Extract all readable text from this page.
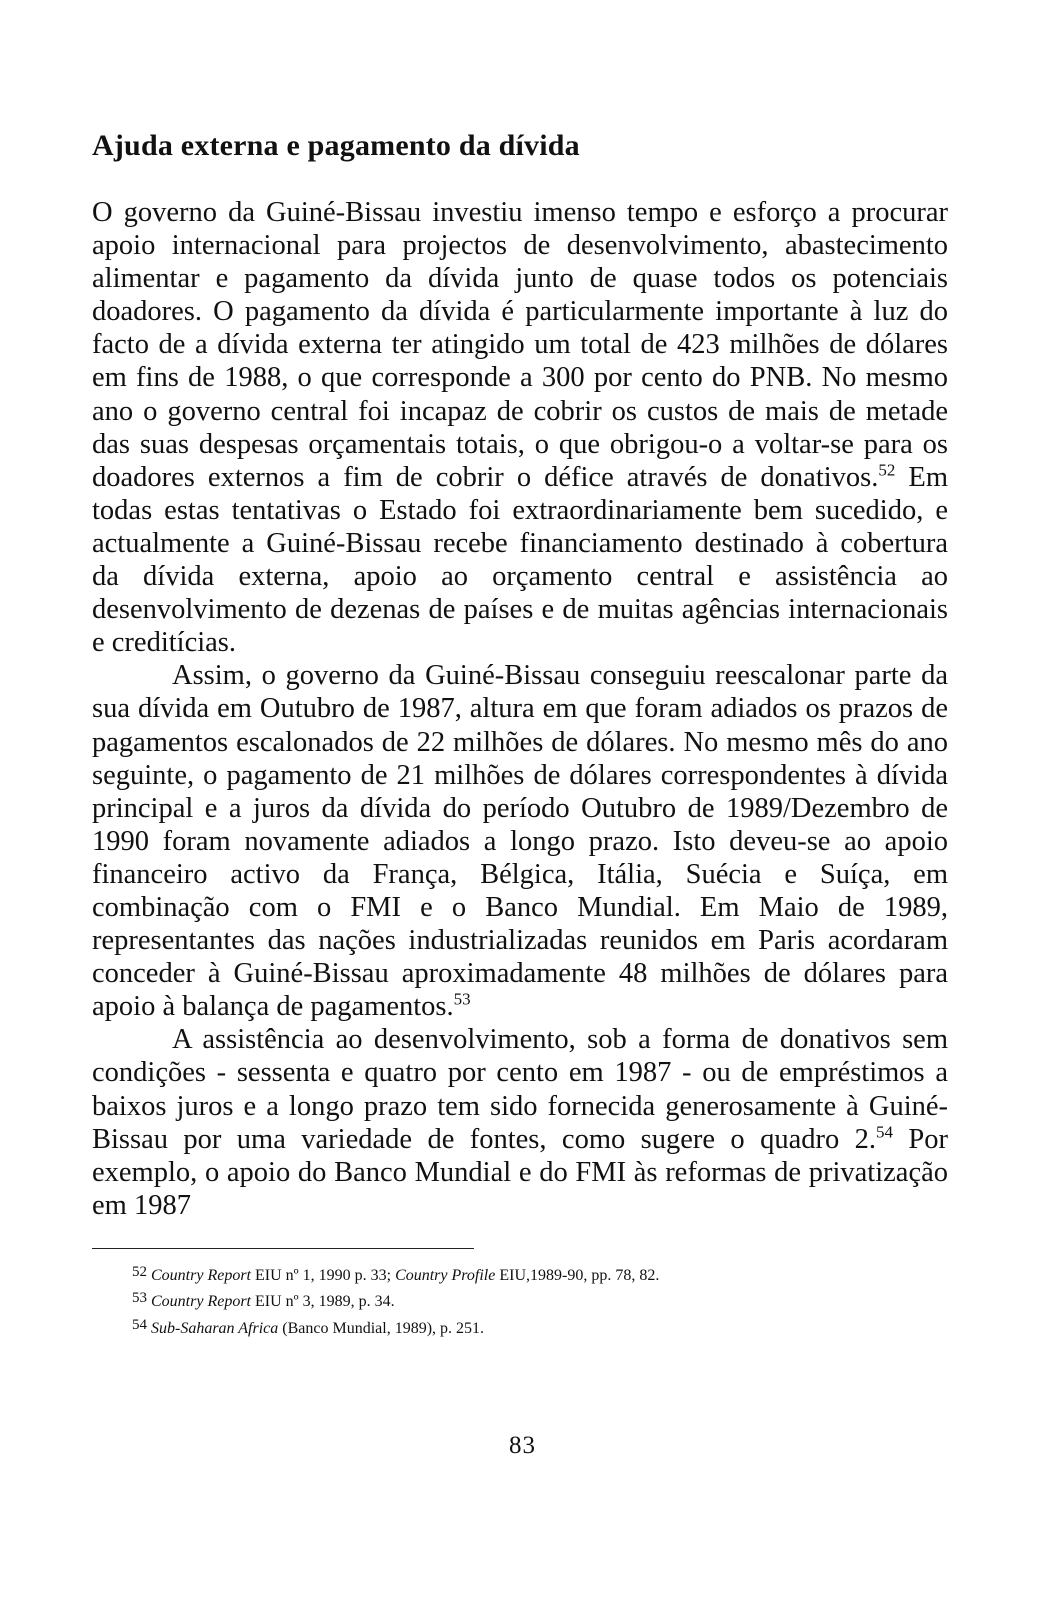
Ajuda externa e pagamento da dívida

O governo da Guiné-Bissau investiu imenso tempo e esforço a procurar apoio internacional para projectos de desenvolvimento, abastecimento alimentar e pagamento da dívida junto de quase todos os potenciais doadores. O pagamento da dívida é particularmente importante à luz do facto de a dívida externa ter atingido um total de 423 milhões de dólares em fins de 1988, o que corresponde a 300 por cento do PNB. No mesmo ano o governo central foi incapaz de cobrir os custos de mais de metade das suas despesas orçamentais totais, o que obrigou-o a voltar-se para os doadores externos a fim de cobrir o défice através de donativos.$^{52}$ Em todas estas tentativas o Estado foi extraordinariamente bem sucedido, e actualmente a Guiné-Bissau recebe financiamento destinado à cobertura da dívida externa, apoio ao orçamento central e assistência ao desenvolvimento de dezenas de países e de muitas agências internacionais e creditícias.

Assim, o governo da Guiné-Bissau conseguiu reescalonar parte da sua dívida em Outubro de 1987, altura em que foram adiados os prazos de pagamentos escalonados de 22 milhões de dólares. No mesmo mês do ano seguinte, o pagamento de 21 milhões de dólares correspondentes à dívida principal e a juros da dívida do período Outubro de 1989/Dezembro de 1990 foram novamente adiados a longo prazo. Isto deveu-se ao apoio financeiro activo da França, Bélgica, Itália, Suécia e Suíça, em combinação com o FMI e o Banco Mundial. Em Maio de 1989, representantes das nações industrializadas reunidos em Paris acordaram conceder à Guiné-Bissau aproximadamente 48 milhões de dólares para apoio à balança de pagamentos.$^{53}$

A assistência ao desenvolvimento, sob a forma de donativos sem condições - sessenta e quatro por cento em 1987 - ou de empréstimos a baixos juros e a longo prazo tem sido fornecida generosamente à Guiné-Bissau por uma variedade de fontes, como sugere o quadro 2.54 Por exemplo, o apoio do Banco Mundial e do FMI às reformas de privatização em 1987

52 Country Report EIU nº 1, 1990 p. 33; Country Profile EIU,1989-90, pp. 78, 82.
53 Country Report EIU nº 3, 1989, p. 34.
54 Sub-Saharan Africa (Banco Mundial, 1989), p. 251.
83
